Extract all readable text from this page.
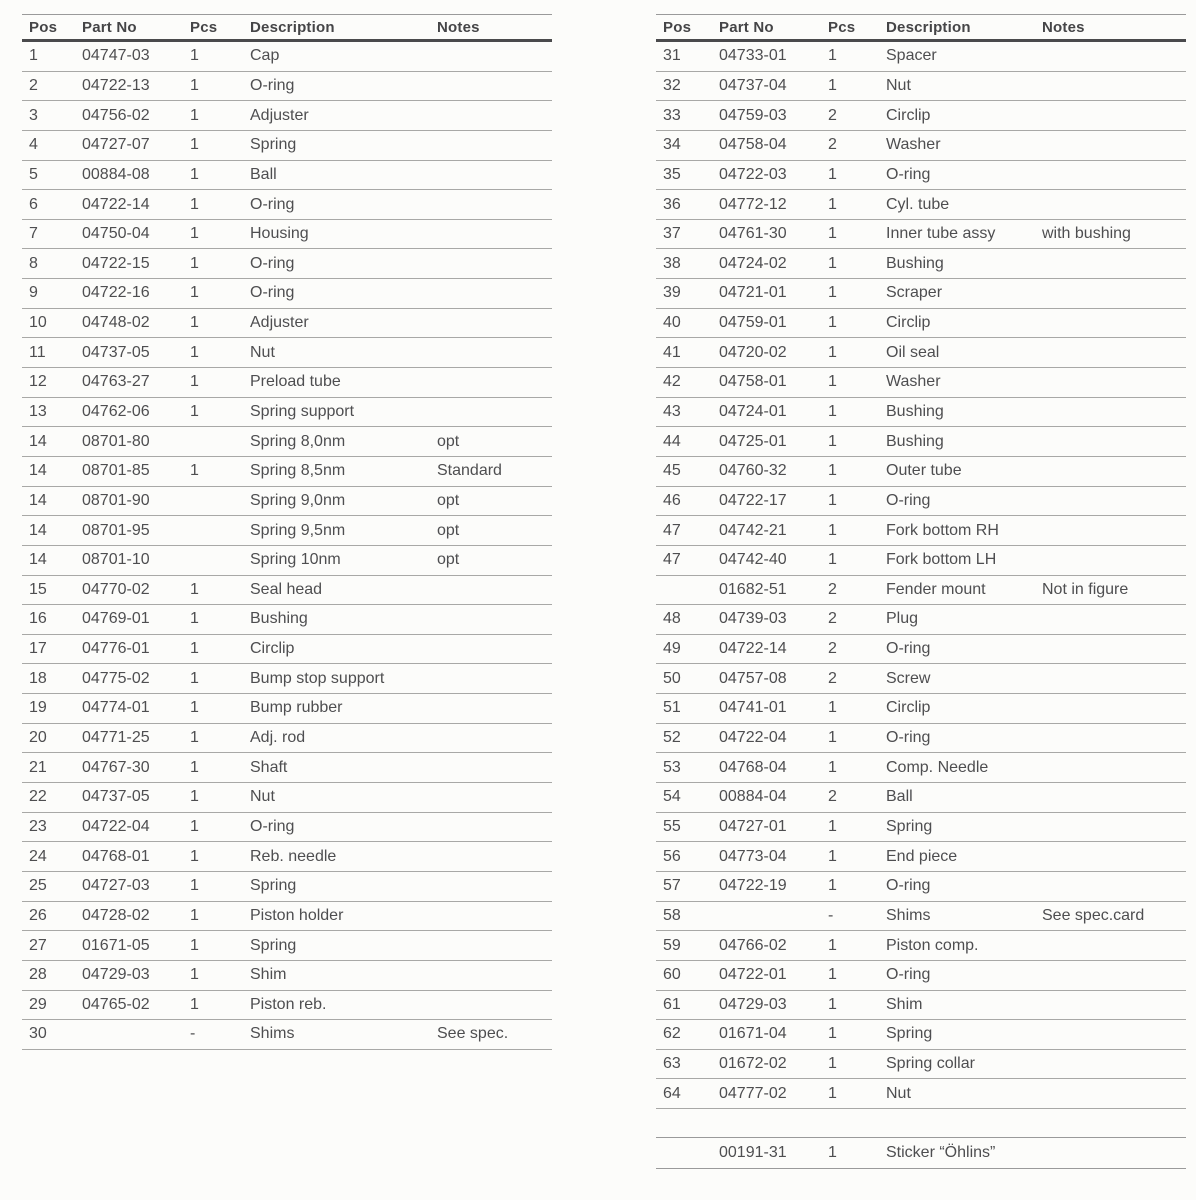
Pos	Part No	Pcs	Description	Notes
1	04747-03	1	Cap	
2	04722-13	1	O-ring	
3	04756-02	1	Adjuster	
4	04727-07	1	Spring	
5	00884-08	1	Ball	
6	04722-14	1	O-ring	
7	04750-04	1	Housing	
8	04722-15	1	O-ring	
9	04722-16	1	O-ring	
10	04748-02	1	Adjuster	
11	04737-05	1	Nut	
12	04763-27	1	Preload tube	
13	04762-06	1	Spring support	
14	08701-80		Spring 8,0nm	opt
14	08701-85	1	Spring 8,5nm	Standard
14	08701-90		Spring 9,0nm	opt
14	08701-95		Spring 9,5nm	opt
14	08701-10		Spring 10nm	opt
15	04770-02	1	Seal head	
16	04769-01	1	Bushing	
17	04776-01	1	Circlip	
18	04775-02	1	Bump stop support	
19	04774-01	1	Bump rubber	
20	04771-25	1	Adj. rod	
21	04767-30	1	Shaft	
22	04737-05	1	Nut	
23	04722-04	1	O-ring	
24	04768-01	1	Reb. needle	
25	04727-03	1	Spring	
26	04728-02	1	Piston holder	
27	01671-05	1	Spring	
28	04729-03	1	Shim	
29	04765-02	1	Piston reb.	
30		-	Shims	See spec.
Pos	Part No	Pcs	Description	Notes
31	04733-01	1	Spacer	
32	04737-04	1	Nut	
33	04759-03	2	Circlip	
34	04758-04	2	Washer	
35	04722-03	1	O-ring	
36	04772-12	1	Cyl. tube	
37	04761-30	1	Inner tube assy	with bushing
38	04724-02	1	Bushing	
39	04721-01	1	Scraper	
40	04759-01	1	Circlip	
41	04720-02	1	Oil seal	
42	04758-01	1	Washer	
43	04724-01	1	Bushing	
44	04725-01	1	Bushing	
45	04760-32	1	Outer tube	
46	04722-17	1	O-ring	
47	04742-21	1	Fork bottom RH	
47	04742-40	1	Fork bottom LH	
	01682-51	2	Fender mount	Not in figure
48	04739-03	2	Plug	
49	04722-14	2	O-ring	
50	04757-08	2	Screw	
51	04741-01	1	Circlip	
52	04722-04	1	O-ring	
53	04768-04	1	Comp. Needle	
54	00884-04	2	Ball	
55	04727-01	1	Spring	
56	04773-04	1	End piece	
57	04722-19	1	O-ring	
58		-	Shims	See spec.card
59	04766-02	1	Piston comp.	
60	04722-01	1	O-ring	
61	04729-03	1	Shim	
62	01671-04	1	Spring	
63	01672-02	1	Spring collar	
64	04777-02	1	Nut	
	00191-31	1	Sticker “Öhlins”	
